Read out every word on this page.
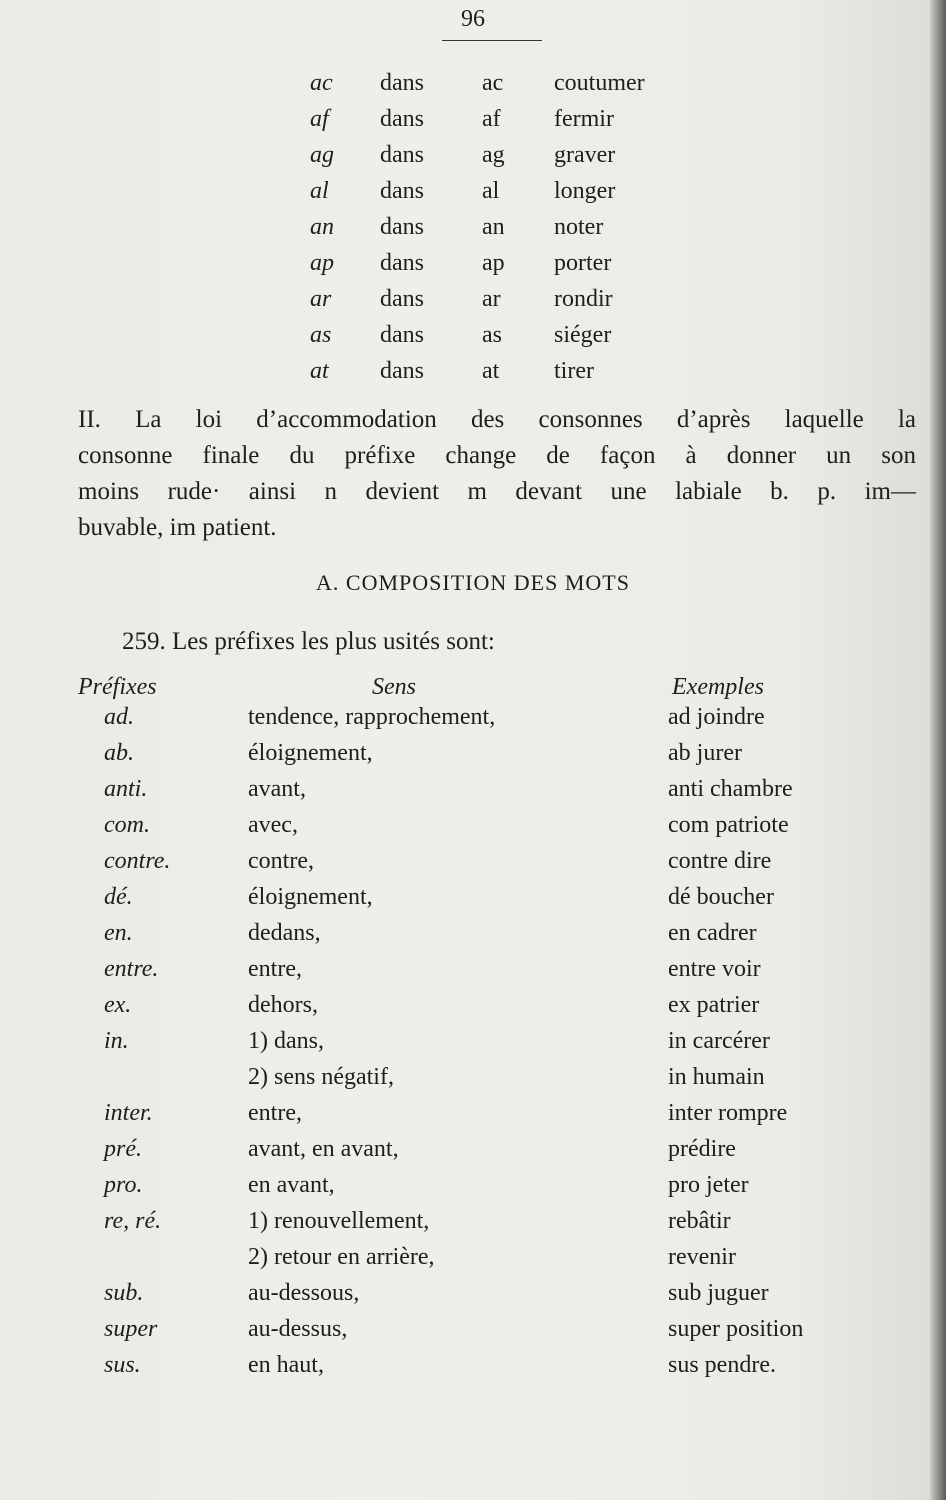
96
ac dans ac coutumer
af dans af fermir
ag dans ag graver
al dans al longer
an dans an noter
ap dans ap porter
ar dans ar rondir
as dans as siéger
at dans at tirer
II. La loi d’accommodation des consonnes d’après laquelle la
consonne finale du préfixe change de façon à donner un son
moins rude· ainsi n devient m devant une labiale b. p. im—
buvable, im patient.
A. COMPOSITION DES MOTS
259. Les préfixes les plus usités sont:
Préfixes	Sens	Exemples
ad.	tendence, rapprochement,	ad joindre
ab.	éloignement,	ab jurer
anti.	avant,	anti chambre
com.	avec,	com patriote
contre.	contre,	contre dire
dé.	éloignement,	dé boucher
en.	dedans,	en cadrer
entre.	entre,	entre voir
ex.	dehors,	ex patrier
in.	1) dans,	in carcérer
2) sens négatif,	in humain
inter.	entre,	inter rompre
pré.	avant, en avant,	prédire
pro.	en avant,	pro jeter
re, ré.	1) renouvellement,	rebâtir
2) retour en arrière,	revenir
sub.	au-dessous,	sub juguer
super	au-dessus,	super position
sus.	en haut,	sus pendre.
